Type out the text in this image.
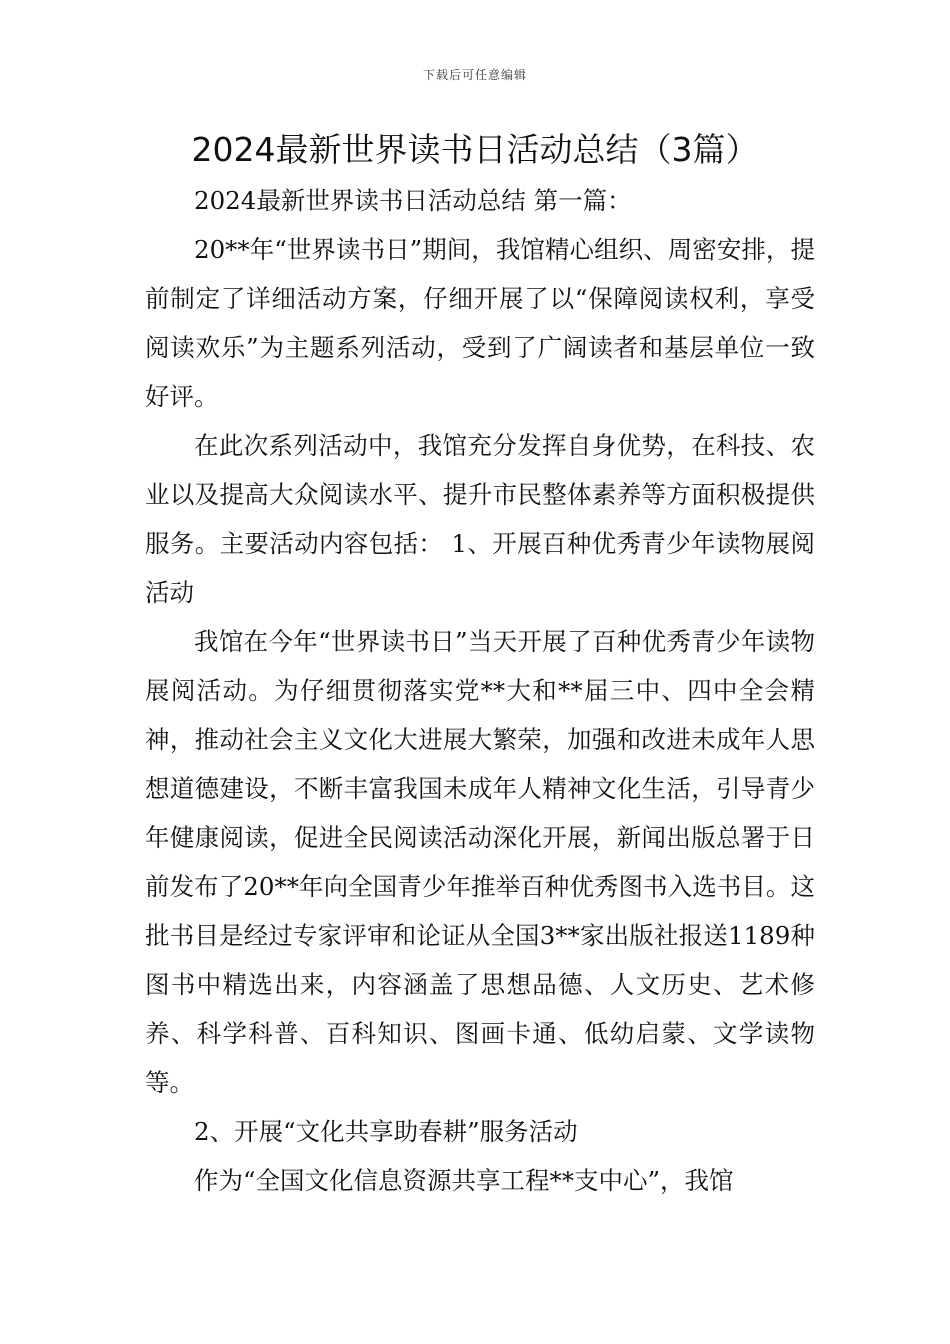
下载后可任意编辑
2024最新世界读书日活动总结（3篇）

2024最新世界读书日活动总结 第一篇：

20**年“世界读书日”期间，我馆精心组织、周密安排，提前制定了详细活动方案，仔细开展了以“保障阅读权利，享受阅读欢乐”为主题系列活动，受到了广阔读者和基层单位一致好评。

在此次系列活动中，我馆充分发挥自身优势，在科技、农业以及提高大众阅读水平、提升市民整体素养等方面积极提供服务。主要活动内容包括： 1、开展百种优秀青少年读物展阅活动

我馆在今年“世界读书日”当天开展了百种优秀青少年读物展阅活动。为仔细贯彻落实党**大和**届三中、四中全会精神，推动社会主义文化大进展大繁荣，加强和改进未成年人思想道德建设，不断丰富我国未成年人精神文化生活，引导青少年健康阅读，促进全民阅读活动深化开展，新闻出版总署于日前发布了20**年向全国青少年推举百种优秀图书入选书目。这批书目是经过专家评审和论证从全国3**家出版社报送1189种图书中精选出来，内容涵盖了思想品德、人文历史、艺术修养、科学科普、百科知识、图画卡通、低幼启蒙、文学读物等。

2、开展“文化共享助春耕”服务活动

作为“全国文化信息资源共享工程**支中心”，我馆
